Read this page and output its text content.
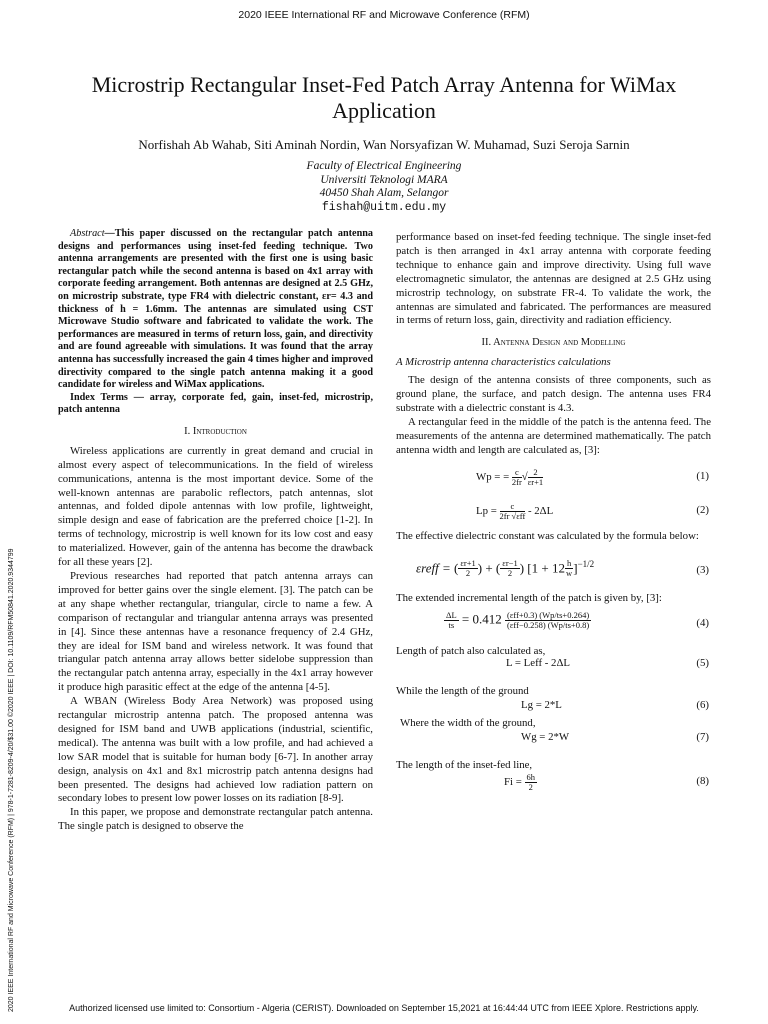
2020 IEEE International RF and Microwave Conference (RFM)
Microstrip Rectangular Inset-Fed Patch Array Antenna for WiMax Application
Norfishah Ab Wahab, Siti Aminah Nordin, Wan Norsyafizan W. Muhamad, Suzi Seroja Sarnin
Faculty of Electrical Engineering
Universiti Teknologi MARA
40450 Shah Alam, Selangor
fishah@uitm.edu.my
2020 IEEE International RF and Microwave Conference (RFM) | 978-1-7281-8209-4/20/$31.00 ©2020 IEEE | DOI: 10.1109/RFM50841.2020.9344799

Abstract—This paper discussed on the rectangular patch antenna designs and performances using inset-fed feeding technique. Two antenna arrangements are presented with the first one is using basic rectangular patch while the second antenna is based on 4x1 array with corporate feeding arrangement. Both antennas are designed at 2.5 GHz, on microstrip substrate, type FR4 with dielectric constant, εr= 4.3 and thickness of h = 1.6mm. The antennas are simulated using CST Microwave Studio software and fabricated to validate the work. The performances are measured in terms of return loss, gain, and directivity and are found agreeable with simulations. It was found that the array antenna has successfully increased the gain 4 times higher and improved directivity compared to the single patch antenna making it a good candidate for wireless and WiMax applications.

Index Terms — array, corporate fed, gain, inset-fed, microstrip, patch antenna

I. Introduction

Wireless applications are currently in great demand and crucial in almost every aspect of telecommunications. In the field of wireless communications, antenna is the most important device. Some of the well-known antennas are parabolic reflectors, patch antennas, slot antennas, and folded dipole antennas with low profile, lightweight, simple design and ease of fabrication are the preferred choice [1-2]. In terms of technology, microstrip is well known for its low cost and easy to materialized. However, gain of the antenna has become the drawback for all these years [2].

Previous researches had reported that patch antenna arrays can improved for better gains over the single element. [3]. The patch can be at any shape whether rectangular, triangular, circle to name a few. A comparison of rectangular and triangular antenna arrays was presented in [4]. Since these antennas have a resonance frequency of 2.4 GHz, they are ideal for ISM band and wireless network. It was found that triangular patch antenna array allows better sidelobe suppression than the rectangular patch antenna array, especially in the 4x1 array however it produce high parasitic effect at the edge of the antenna [4-5].

A WBAN (Wireless Body Area Network) was proposed using rectangular microstrip antenna patch. The proposed antenna was designed for ISM band and UWB applications (industrial, scientific, medical). The antenna was built with a low profile, and had achieved a low SAR model that is suitable for human body [6-7]. In another array design, analysis on 4x1 and 8x1 microstrip patch antenna designs had been presented. The designs had achieved low radiation pattern on secondary lobes to present low power losses on its radiation [8-9].

In this paper, we propose and demonstrate rectangular patch antenna. The single patch is designed to observe the

performance based on inset-fed feeding technique. The single inset-fed patch is then arranged in 4x1 array antenna with corporate feeding technique to enhance gain and improve directivity. Using full wave electromagnetic simulator, the antennas are designed at 2.5 GHz using microstrip technology, on substrate FR-4. To validate the work, the antennas are simulated and fabricated. The performances are measured in terms of return loss, gain, directivity and radiation efficiency.

II. Antenna Design and Modelling
A Microstrip antenna characteristics calculations

The design of the antenna consists of three components, such as ground plane, the surface, and patch design. The antenna uses FR4 substrate with a dielectric constant is 4.3.

A rectangular feed in the middle of the patch is the antenna feed. The measurements of the antenna are determined mathematically. The patch antenna width and length are calculated as, [3]:

Wp = = $\frac{c}{2fr}$ √ $\frac{2}{\varepsilon r+1}$	(1)
$Lp = \frac{c}{\text{2fr √εff}} - 2\Delta L$	(2)

The effective dielectric constant was calculated by the formula below:

εreff = ( $\frac{\varepsilon r+1}{2}$ ) + ( $\frac{\varepsilon r-1}{2}$ ) $[1 + 12 \frac{h}{w} ]^{-1/2}$	(3)

The extended incremental length of the patch is given by, [3]:

$\frac{\Delta L}{ts} = 0.412 \frac{\text{(εff+0.3) (Wp/ts+0.264)}}{\text{(εff−0.258) (Wp/ts+0.8)}}$	(4)

Length of patch also calculated as,

L = Leff - 2ΔL	(5)

While the length of the ground

Lg = 2*L	(6)

Where the width of the ground,

Wg = 2*W	(7)

The length of the inset-fed line,

$Fi = \frac{6h}{2}$	(8)
Authorized licensed use limited to: Consortium - Algeria (CERIST). Downloaded on September 15,2021 at 16:44:44 UTC from IEEE Xplore. Restrictions apply.
